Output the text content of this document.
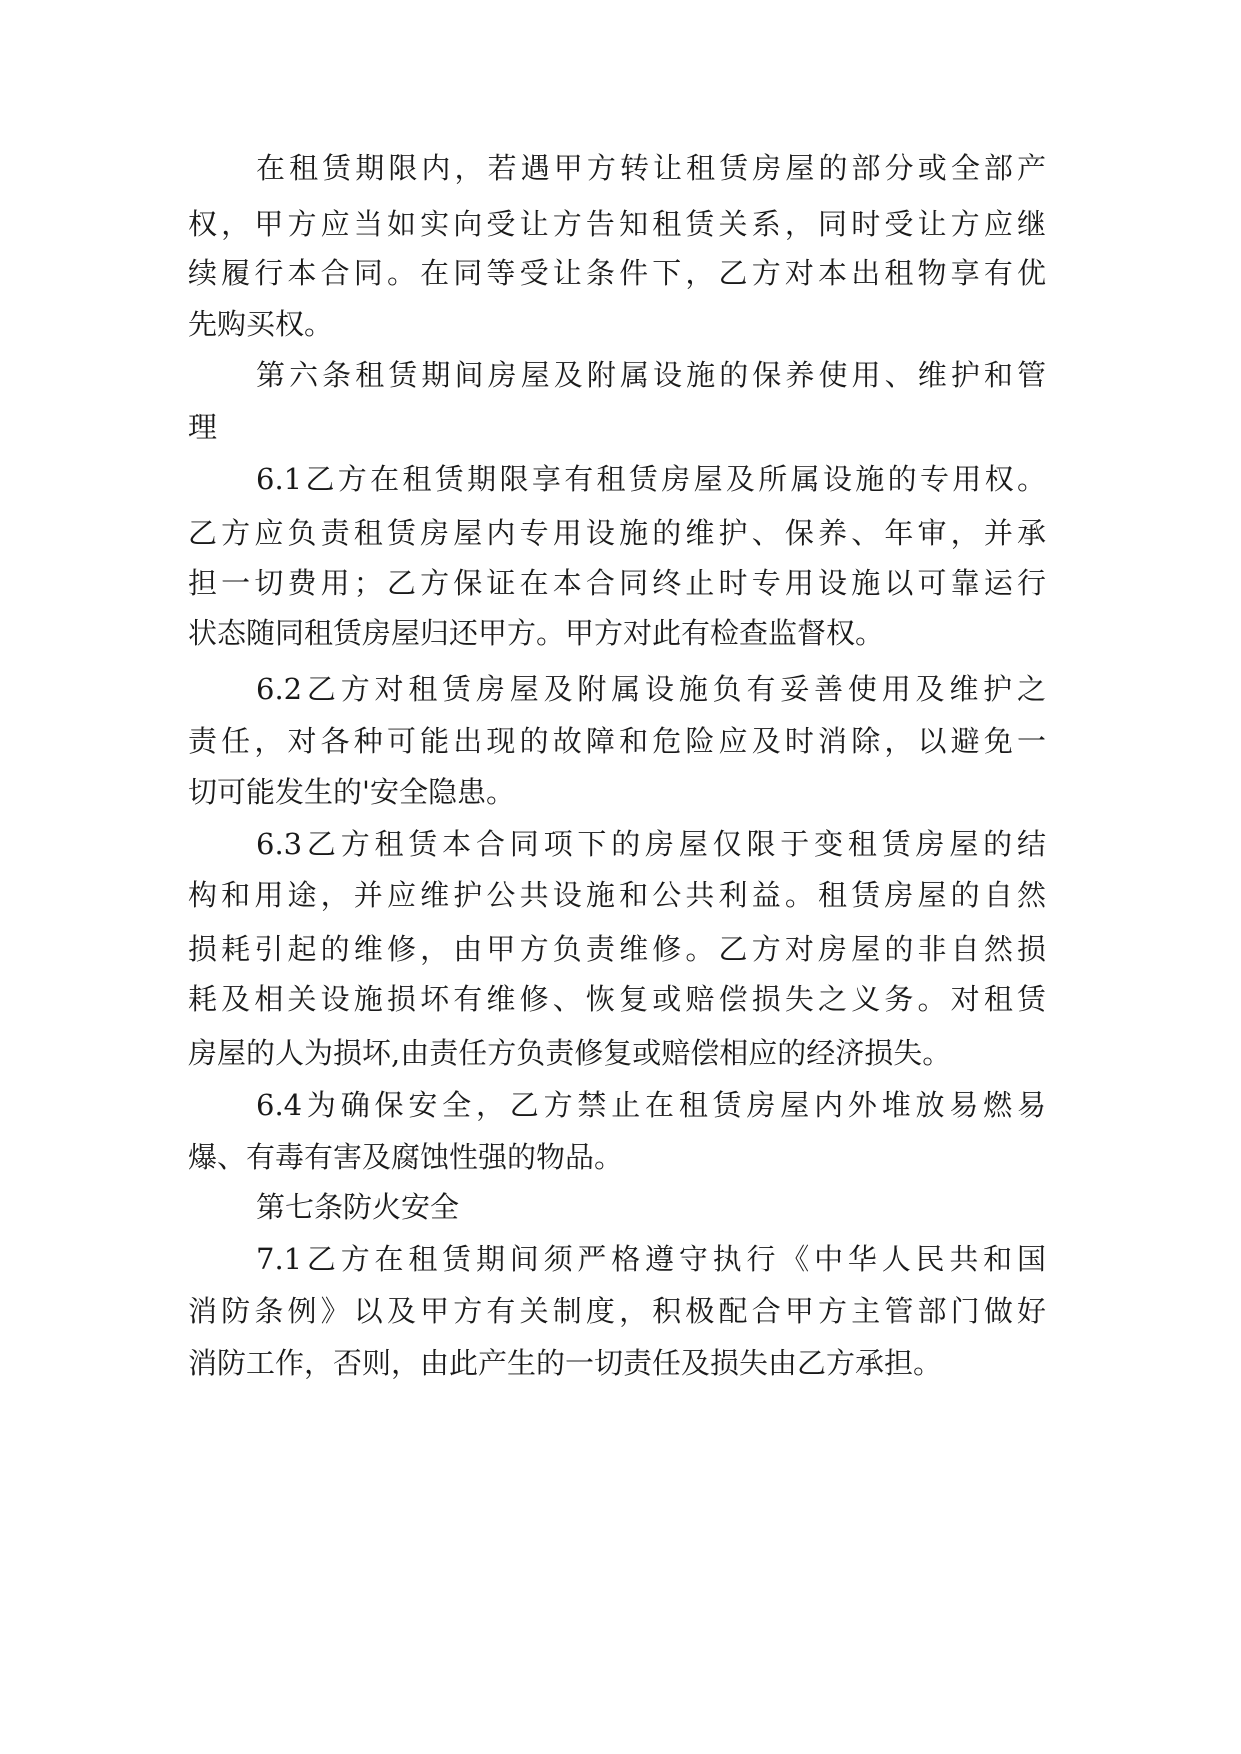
在租赁期限内，若遇甲方转让租赁房屋的部分或全部产
权，甲方应当如实向受让方告知租赁关系，同时受让方应继
续履行本合同。在同等受让条件下，乙方对本出租物享有优
先购买权。
第六条租赁期间房屋及附属设施的保养使用、维护和管
理
6.1乙方在租赁期限享有租赁房屋及所属设施的专用权。
乙方应负责租赁房屋内专用设施的维护、保养、年审，并承
担一切费用；乙方保证在本合同终止时专用设施以可靠运行
状态随同租赁房屋归还甲方。甲方对此有检查监督权。
6.2乙方对租赁房屋及附属设施负有妥善使用及维护之
责任，对各种可能出现的故障和危险应及时消除，以避免一
切可能发生的'安全隐患。
6.3乙方租赁本合同项下的房屋仅限于变租赁房屋的结
构和用途，并应维护公共设施和公共利益。租赁房屋的自然
损耗引起的维修，由甲方负责维修。乙方对房屋的非自然损
耗及相关设施损坏有维修、恢复或赔偿损失之义务。对租赁
房屋的人为损坏,由责任方负责修复或赔偿相应的经济损失。
6.4为确保安全，乙方禁止在租赁房屋内外堆放易燃易
爆、有毒有害及腐蚀性强的物品。
第七条防火安全
7.1乙方在租赁期间须严格遵守执行《中华人民共和国
消防条例》以及甲方有关制度，积极配合甲方主管部门做好
消防工作，否则，由此产生的一切责任及损失由乙方承担。
